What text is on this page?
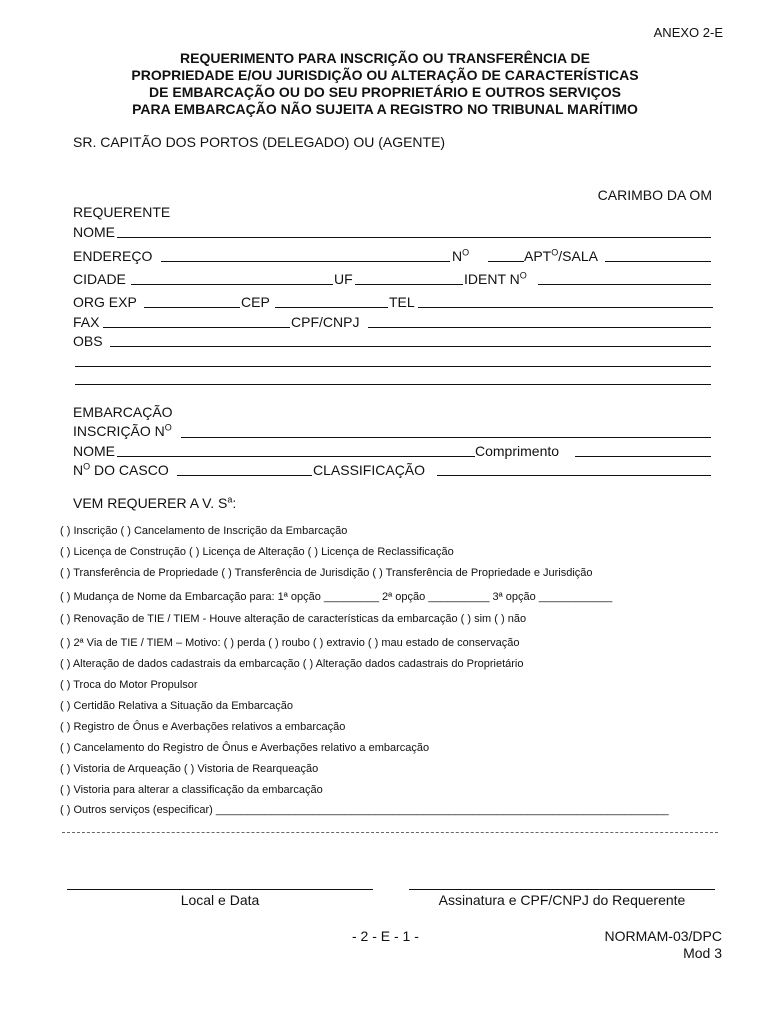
ANEXO 2-E
REQUERIMENTO PARA INSCRIÇÃO OU TRANSFERÊNCIA DE
PROPRIEDADE E/OU JURISDIÇÃO OU ALTERAÇÃO DE CARACTERÍSTICAS
DE EMBARCAÇÃO OU DO SEU PROPRIETÁRIO E OUTROS SERVIÇOS
PARA EMBARCAÇÃO NÃO SUJEITA A REGISTRO NO TRIBUNAL MARÍTIMO
SR. CAPITÃO DOS PORTOS (DELEGADO) OU (AGENTE)
CARIMBO DA OM
REQUERENTE
NOME
ENDEREÇO	$N^O$	$APT^O$/SALA
CIDADE	UF	IDENT $N^O$
ORG EXP	CEP	TEL
FAX	CPF/CNPJ
OBS
EMBARCAÇÃO
INSCRIÇÃO $N^O$
NOME	Comprimento
$N^O$ DO CASCO	CLASSIFICAÇÃO
VEM REQUERER A V. $S^a$:
( ) Inscrição ( ) Cancelamento de Inscrição da Embarcação
( ) Licença de Construção ( ) Licença de Alteração ( ) Licença de Reclassificação
( ) Transferência de Propriedade ( ) Transferência de Jurisdição ( ) Transferência de Propriedade e Jurisdição
( ) Mudança de Nome da Embarcação para: 1ª opção _________ 2ª opção __________ 3ª opção ____________
( ) Renovação de TIE / TIEM - Houve alteração de características da embarcação ( ) sim ( ) não
( ) 2ª Via de TIE / TIEM – Motivo: ( ) perda ( ) roubo ( ) extravio ( ) mau estado de conservação
( ) Alteração de dados cadastrais da embarcação ( ) Alteração dados cadastrais do Proprietário
( ) Troca do Motor Propulsor
( ) Certidão Relativa a Situação da Embarcação
( ) Registro de Ônus e Averbações relativos a embarcação
( ) Cancelamento do Registro de Ônus e Averbações relativo a embarcação
( ) Vistoria de Arqueação ( ) Vistoria de Rearqueação
( ) Vistoria para alterar a classificação da embarcação
( ) Outros serviços (especificar) __________________________________________________________________________
Local e Data	Assinatura e CPF/CNPJ do Requerente
- 2 - E - 1 -	NORMAM-03/DPC
Mod 3
